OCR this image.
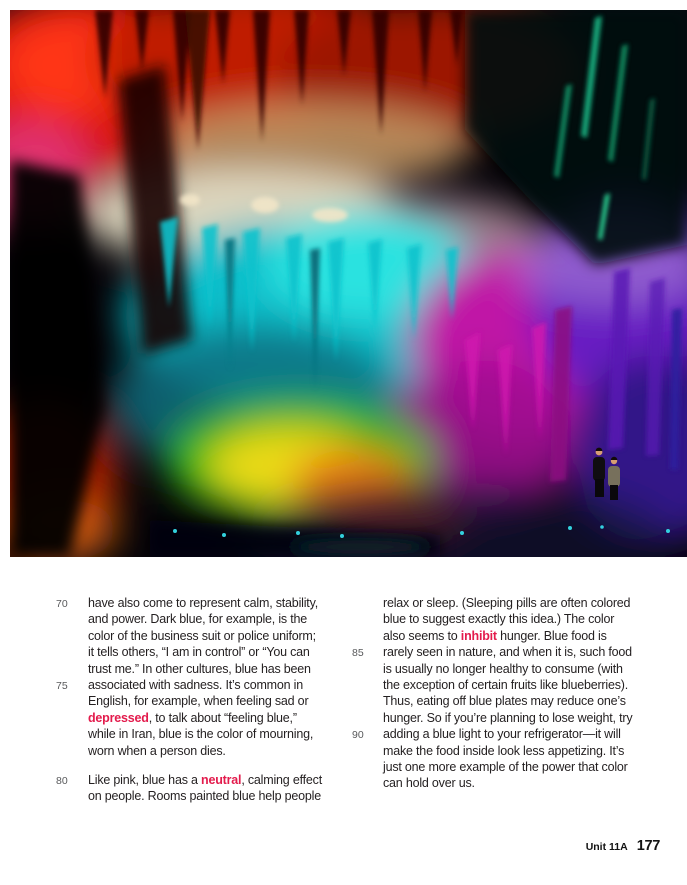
70	have also come to represent calm, stability,
and power. Dark blue, for example, is the
color of the business suit or police uniform;
it tells others, “I am in control” or “You can
trust me.” In other cultures, blue has been
75	associated with sadness. It’s common in
English, for example, when feeling sad or
depressed, to talk about “feeling blue,”
while in Iran, blue is the color of mourning,
worn when a person dies.
80	Like pink, blue has a neutral, calming effect
on people. Rooms painted blue help people
relax or sleep. (Sleeping pills are often colored
blue to suggest exactly this idea.) The color
also seems to inhibit hunger. Blue food is
85	rarely seen in nature, and when it is, such food
is usually no longer healthy to consume (with
the exception of certain fruits like blueberries).
Thus, eating off blue plates may reduce one’s
hunger. So if you’re planning to lose weight, try
90	adding a blue light to your refrigerator—it will
make the food inside look less appetizing. It’s
just one more example of the power that color
can hold over us.
Unit 11A 177
